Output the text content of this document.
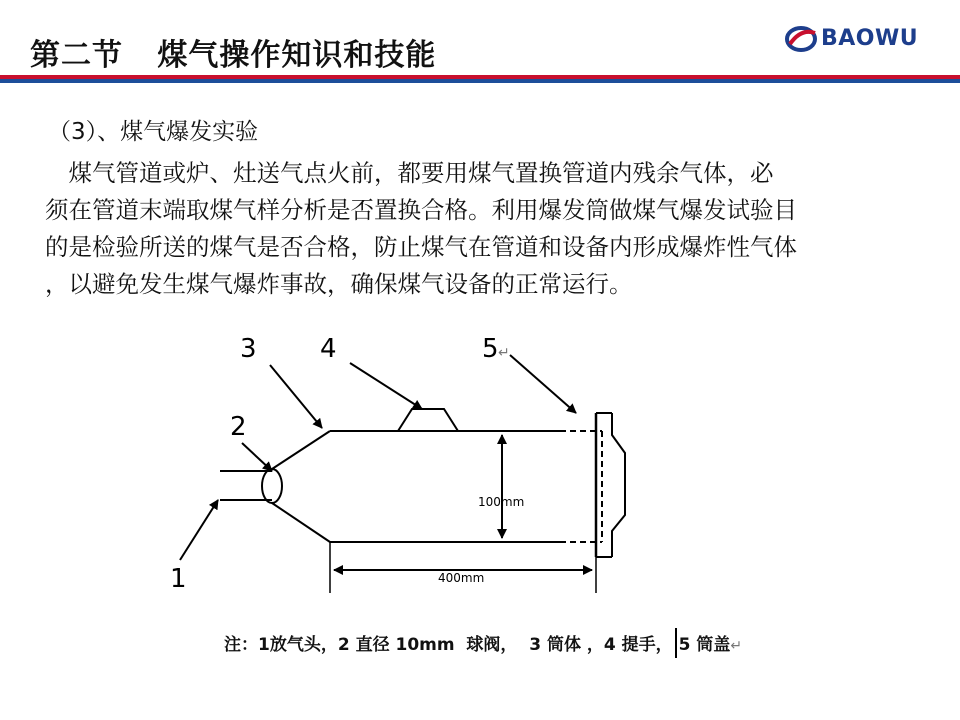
第二节   煤气操作知识和技能	BAOWU
（3）、煤气爆发实验

　煤气管道或炉、灶送气点火前，都要用煤气置换管道内残余气体，必

须在管道末端取煤气样分析是否置换合格。利用爆发筒做煤气爆发试验目

的是检验所送的煤气是否合格，防止煤气在管道和设备内形成爆炸性气体

，以避免发生煤气爆炸事故，确保煤气设备的正常运行。

1
2
3 4	5 ↵
100mm
400mm
注：1放气头，2 直径 10mm  球阀，  3 筒体 ，4 提手， 5 筒盖↵
